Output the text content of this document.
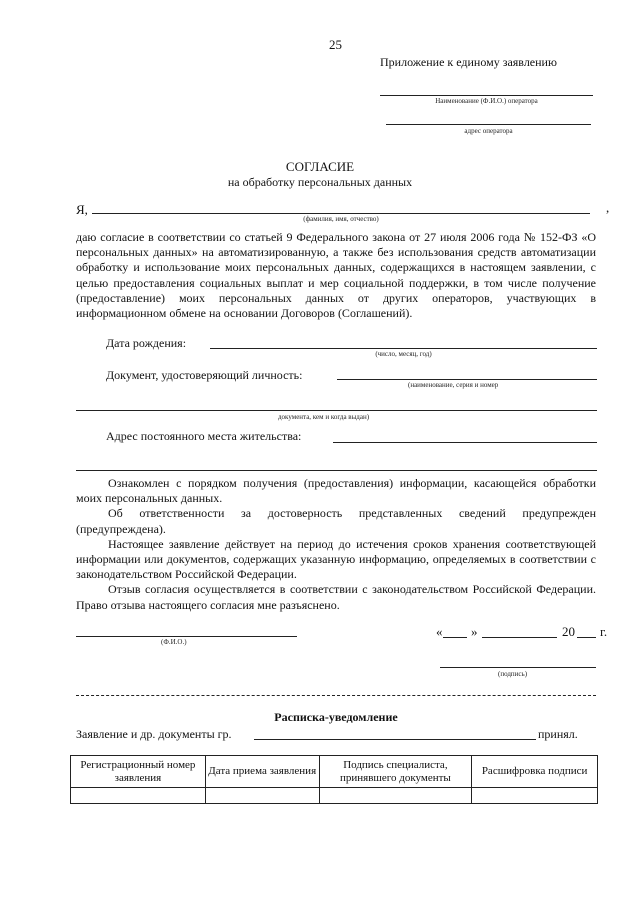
25
Приложение к единому заявлению
Наименование (Ф.И.О.) оператора
адрес оператора
СОГЛАСИЕ
на обработку персональных данных
Я,	,
(фамилия, имя, отчество)

даю согласие в соответствии со статьей 9 Федерального закона от 27 июля 2006 года № 152-ФЗ «О персональных данных» на автоматизированную, а также без использования средств автоматизации обработку и использование моих персональных данных, содержащихся в настоящем заявлении, с целью предоставления социальных выплат и мер социальной поддержки, в том числе получение (предоставление) моих персональных данных от других операторов, участвующих в информационном обмене на основании Договоров (Соглашений).

Дата рождения:
(число, месяц, год)
Документ, удостоверяющий личность:
(наименование, серия и номер
документа, кем и когда выдан)
Адрес постоянного места жительства:

Ознакомлен с порядком получения (предоставления) информации, касающейся обработки моих персональных данных.

Об ответственности за достоверность представленных сведений предупрежден (предупреждена).

Настоящее заявление действует на период до истечения сроков хранения соответствующей информации или документов, содержащих указанную информацию, определяемых в соответствии с законодательством Российской Федерации.

Отзыв согласия осуществляется в соответствии с законодательством Российской Федерации. Право отзыва настоящего согласия мне разъяснено.

(Ф.И.О.)
« »	20 г.
(подпись)
Расписка-уведомление
Заявление и др. документы гр.	принял.
Регистрационный номер заявления	Дата приема заявления	Подпись специалиста, принявшего документы	Расшифровка подписи
